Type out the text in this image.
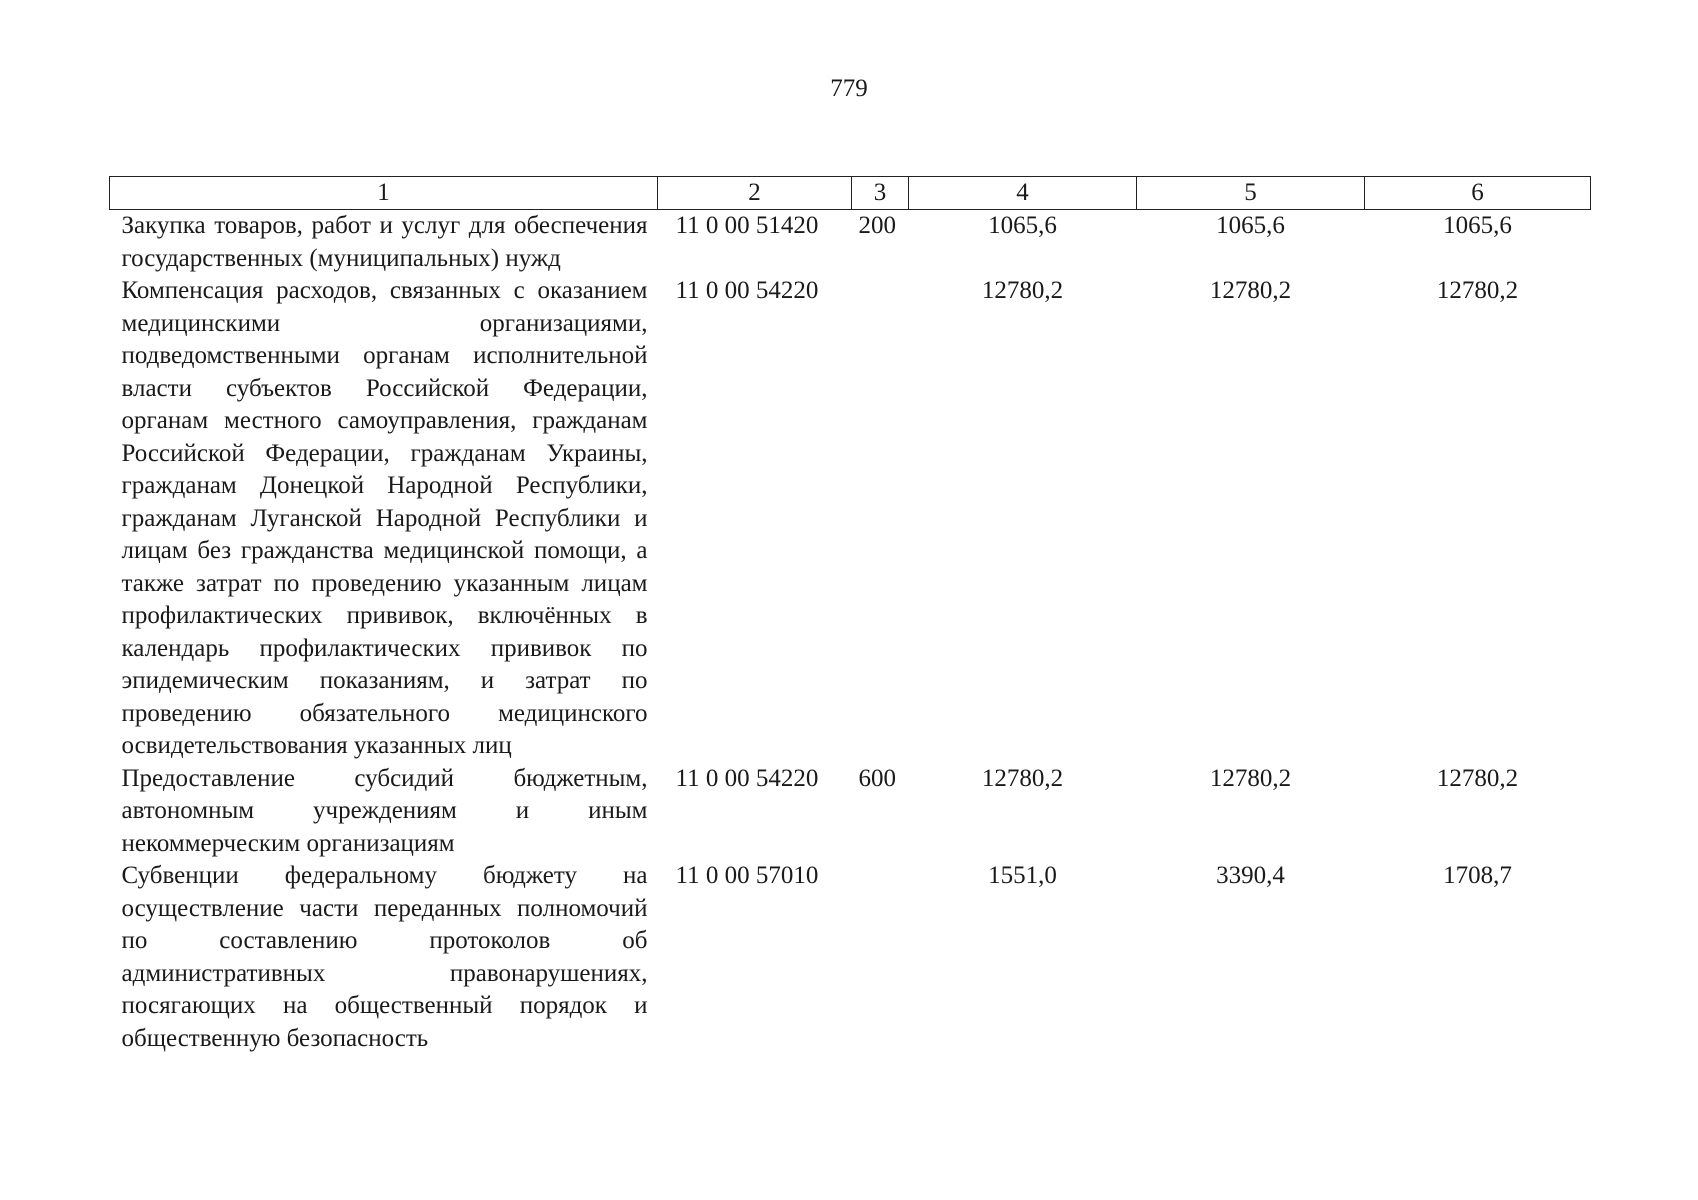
779
1	2	3	4	5	6
Закупка товаров, работ и услуг для обеспечения государственных (муниципальных) нужд	11 0 00 51420	200	1065,6	1065,6	1065,6
Компенсация расходов, связанных с оказанием медицинскими организациями, подведомственными органам исполнительной власти субъектов Российской Федерации, органам местного самоуправления, гражданам Российской Федерации, гражданам Украины, гражданам Донецкой Народной Республики, гражданам Луганской Народной Республики и лицам без гражданства медицинской помощи, а также затрат по проведению указанным лицам профилактических прививок, включённых в календарь профилактических прививок по эпидемическим показаниям, и затрат по проведению обязательного медицинского освидетельствования указанных лиц	11 0 00 54220		12780,2	12780,2	12780,2
Предоставление субсидий бюджетным, автономным учреждениям и иным некоммерческим организациям	11 0 00 54220	600	12780,2	12780,2	12780,2
Субвенции федеральному бюджету на осуществление части переданных полномочий по составлению протоколов об административных правонарушениях, посягающих на общественный порядок и общественную безопасность	11 0 00 57010		1551,0	3390,4	1708,7
